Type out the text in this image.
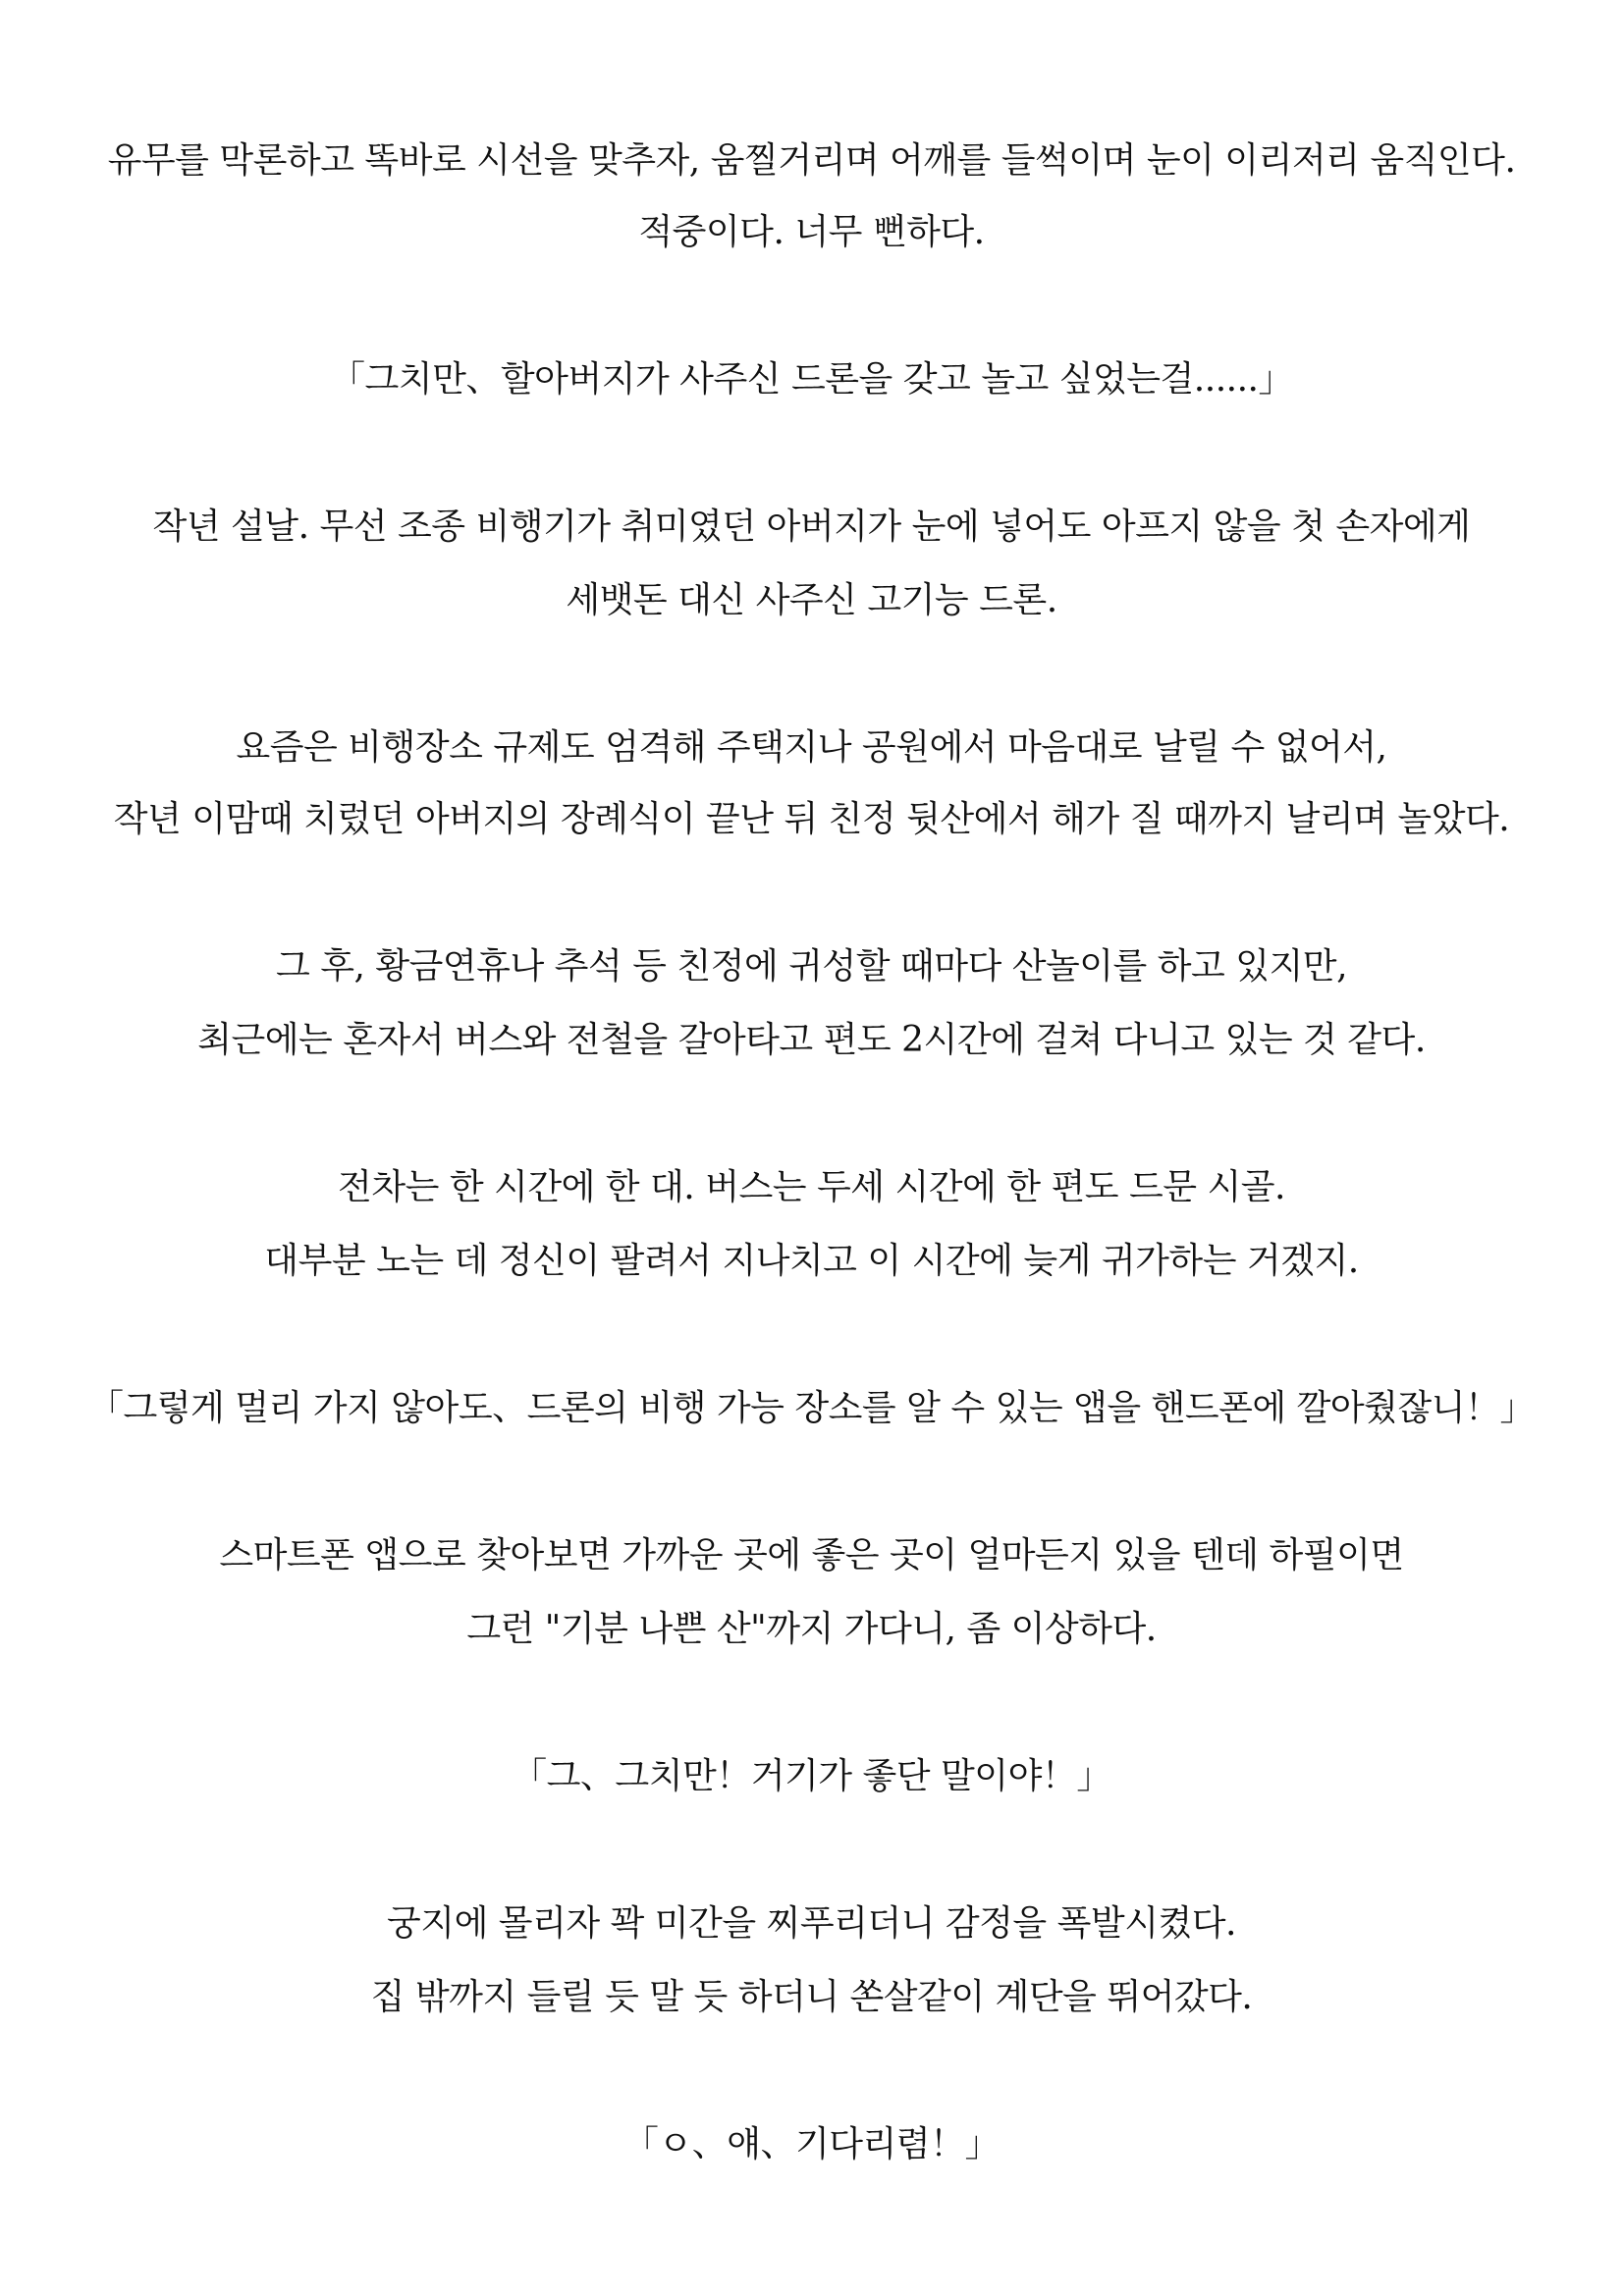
유무를 막론하고 똑바로 시선을 맞추자, 움찔거리며 어깨를 들썩이며 눈이 이리저리 움직인다.
적중이다. 너무 뻔하다.
「그치만、할아버지가 사주신 드론을 갖고 놀고 싶었는걸......」
작년 설날. 무선 조종 비행기가 취미였던 아버지가 눈에 넣어도 아프지 않을 첫 손자에게
세뱃돈 대신 사주신 고기능 드론.
요즘은 비행장소 규제도 엄격해 주택지나 공원에서 마음대로 날릴 수 없어서,
작년 이맘때 치렀던 아버지의 장례식이 끝난 뒤 친정 뒷산에서 해가 질 때까지 날리며 놀았다.
그 후, 황금연휴나 추석 등 친정에 귀성할 때마다 산놀이를 하고 있지만,
최근에는 혼자서 버스와 전철을 갈아타고 편도 2시간에 걸쳐 다니고 있는 것 같다.
전차는 한 시간에 한 대. 버스는 두세 시간에 한 편도 드문 시골.
대부분 노는 데 정신이 팔려서 지나치고 이 시간에 늦게 귀가하는 거겠지.
「그렇게 멀리 가지 않아도、드론의 비행 가능 장소를 알 수 있는 앱을 핸드폰에 깔아줬잖니！」
스마트폰 앱으로 찾아보면 가까운 곳에 좋은 곳이 얼마든지 있을 텐데 하필이면
그런 "기분 나쁜 산"까지 가다니, 좀 이상하다.
「그、그치만！거기가 좋단 말이야！」
궁지에 몰리자 꽉 미간을 찌푸리더니 감정을 폭발시켰다.
집 밖까지 들릴 듯 말 듯 하더니 쏜살같이 계단을 뛰어갔다.
「ㅇ、얘、기다리렴！」
